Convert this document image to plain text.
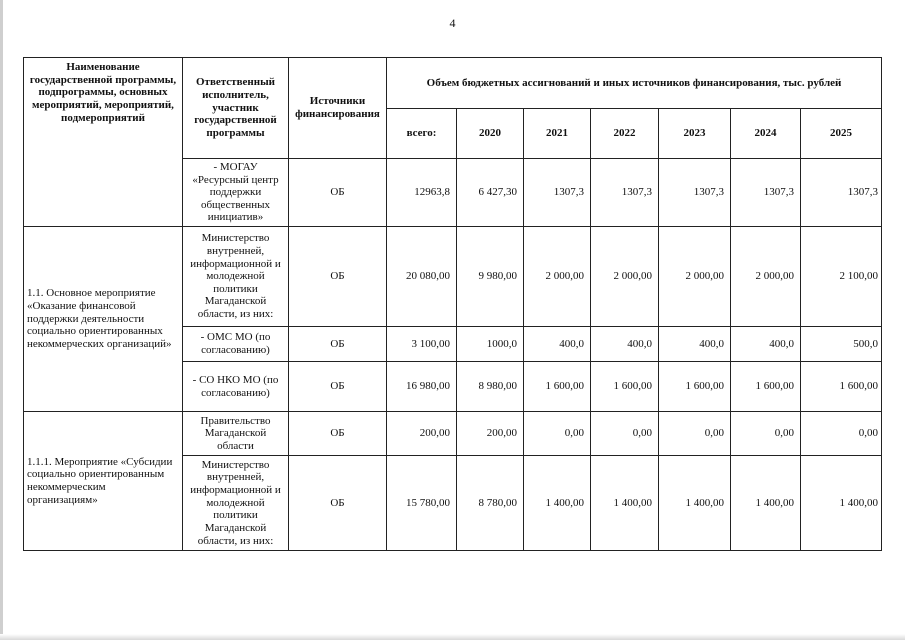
4
Наименование государственной программы, подпрограммы, основных мероприятий, мероприятий, подмероприятий	Ответственный исполнитель, участник государственной программы	Источники финансирования	Объем бюджетных ассигнований и иных источников финансирования, тыс. рублей						
			всего:	2020	2021	2022	2023	2024	2025
	- МОГАУ «Ресурсный центр поддержки общественных инициатив»	ОБ	12963,8	6 427,30	1307,3	1307,3	1307,3	1307,3	1307,3
1.1. Основное мероприятие «Оказание финансовой поддержки деятельности социально ориентированных некоммерческих организаций»	Министерство внутренней, информационной и молодежной политики Магаданской области, из них:	ОБ	20 080,00	9 980,00	2 000,00	2 000,00	2 000,00	2 000,00	2 100,00
	- ОМС МО (по согласованию)	ОБ	3 100,00	1000,0	400,0	400,0	400,0	400,0	500,0
	- СО НКО МО (по согласованию)	ОБ	16 980,00	8 980,00	1 600,00	1 600,00	1 600,00	1 600,00	1 600,00
1.1.1. Мероприятие «Субсидии социально ориентированным некоммерческим организациям»	Правительство Магаданской области	ОБ	200,00	200,00	0,00	0,00	0,00	0,00	0,00
	Министерство внутренней, информационной и молодежной политики Магаданской области, из них:	ОБ	15 780,00	8 780,00	1 400,00	1 400,00	1 400,00	1 400,00	1 400,00
